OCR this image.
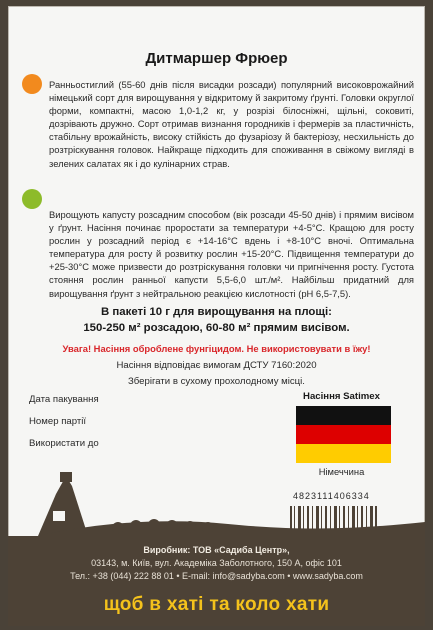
Дитмаршер Фрюер

Ранньостиглий (55-60 днів після висадки розсади) популярний високоврожайний німецький сорт для вирощування у відкритому й закритому ґрунті. Головки округлої форми, компактні, масою 1,0-1,2 кг, у розрізі білосніжні, щільні, соковиті, дозрівають дружно. Сорт отримав визнання городників і фермерів за пластичність, стабільну врожайність, високу стійкість до фузаріозу й бактеріозу, несхильність до розтріскування головок. Найкраще підходить для споживання в свіжому вигляді в зелених салатах як і до кулінарних страв.

Вирощують капусту розсадним способом (вік розсади 45-50 днів) і прямим висівом у ґрунт. Насіння починає проростати за температури +4-5°С. Кращою для росту рослин у розсадний період є +14-16°С вдень і +8-10°С вночі. Оптимальна температура для росту й розвитку рослин +15-20°С. Підвищення температури до +25-30°С може призвести до розтріскування головки чи пригнічення росту. Густота стояння рослин ранньої капусти 5,5-6,0 шт./м². Найбільш придатний для вирощування ґрунт з нейтральною реакцією кислотності (рН 6,5-7,5).

В пакеті 10 г для вирощування на площі:
150-250 м² розсадою, 60-80 м² прямим висівом.
Увага! Насіння оброблене фунгіцидом. Не використовувати в їжу!
Насіння відповідає вимогам ДСТУ 7160:2020
Зберігати в сухому прохолодному місці.
Дата пакування
Номер партії
Використати до
Насіння Satimex
Німеччина
4823111406334
Виробник: ТОВ «Садиба Центр»,
03143, м. Київ, вул. Академіка Заболотного, 150 А, офіс 101
Тел.: +38 (044) 222 88 01 • E-mail: info@sadyba.com • www.sadyba.com
щоб в хаті та коло хати
